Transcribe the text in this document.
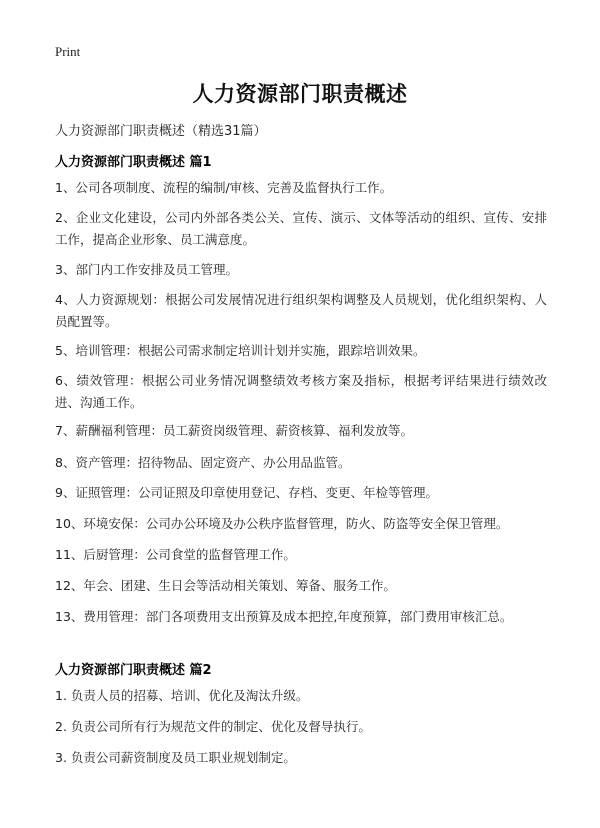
Print
人力资源部门职责概述
人力资源部门职责概述（精选31篇）
人力资源部门职责概述 篇1
1、公司各项制度、流程的编制/审核、完善及监督执行工作。
2、企业文化建设，公司内外部各类公关、宣传、演示、文体等活动的组织、宣传、安排工作，提高企业形象、员工满意度。
3、部门内工作安排及员工管理。
4、人力资源规划：根据公司发展情况进行组织架构调整及人员规划，优化组织架构、人员配置等。
5、培训管理：根据公司需求制定培训计划并实施，跟踪培训效果。
6、绩效管理：根据公司业务情况调整绩效考核方案及指标，根据考评结果进行绩效改进、沟通工作。
7、薪酬福利管理：员工薪资岗级管理、薪资核算、福利发放等。
8、资产管理：招待物品、固定资产、办公用品监管。
9、证照管理：公司证照及印章使用登记、存档、变更、年检等管理。
10、环境安保：公司办公环境及办公秩序监督管理，防火、防盗等安全保卫管理。
11、后厨管理：公司食堂的监督管理工作。
12、年会、团建、生日会等活动相关策划、筹备、服务工作。
13、费用管理：部门各项费用支出预算及成本把控,年度预算，部门费用审核汇总。
人力资源部门职责概述 篇2
1. 负责人员的招募、培训、优化及淘汰升级。
2. 负责公司所有行为规范文件的制定、优化及督导执行。
3. 负责公司薪资制度及员工职业规划制定。
